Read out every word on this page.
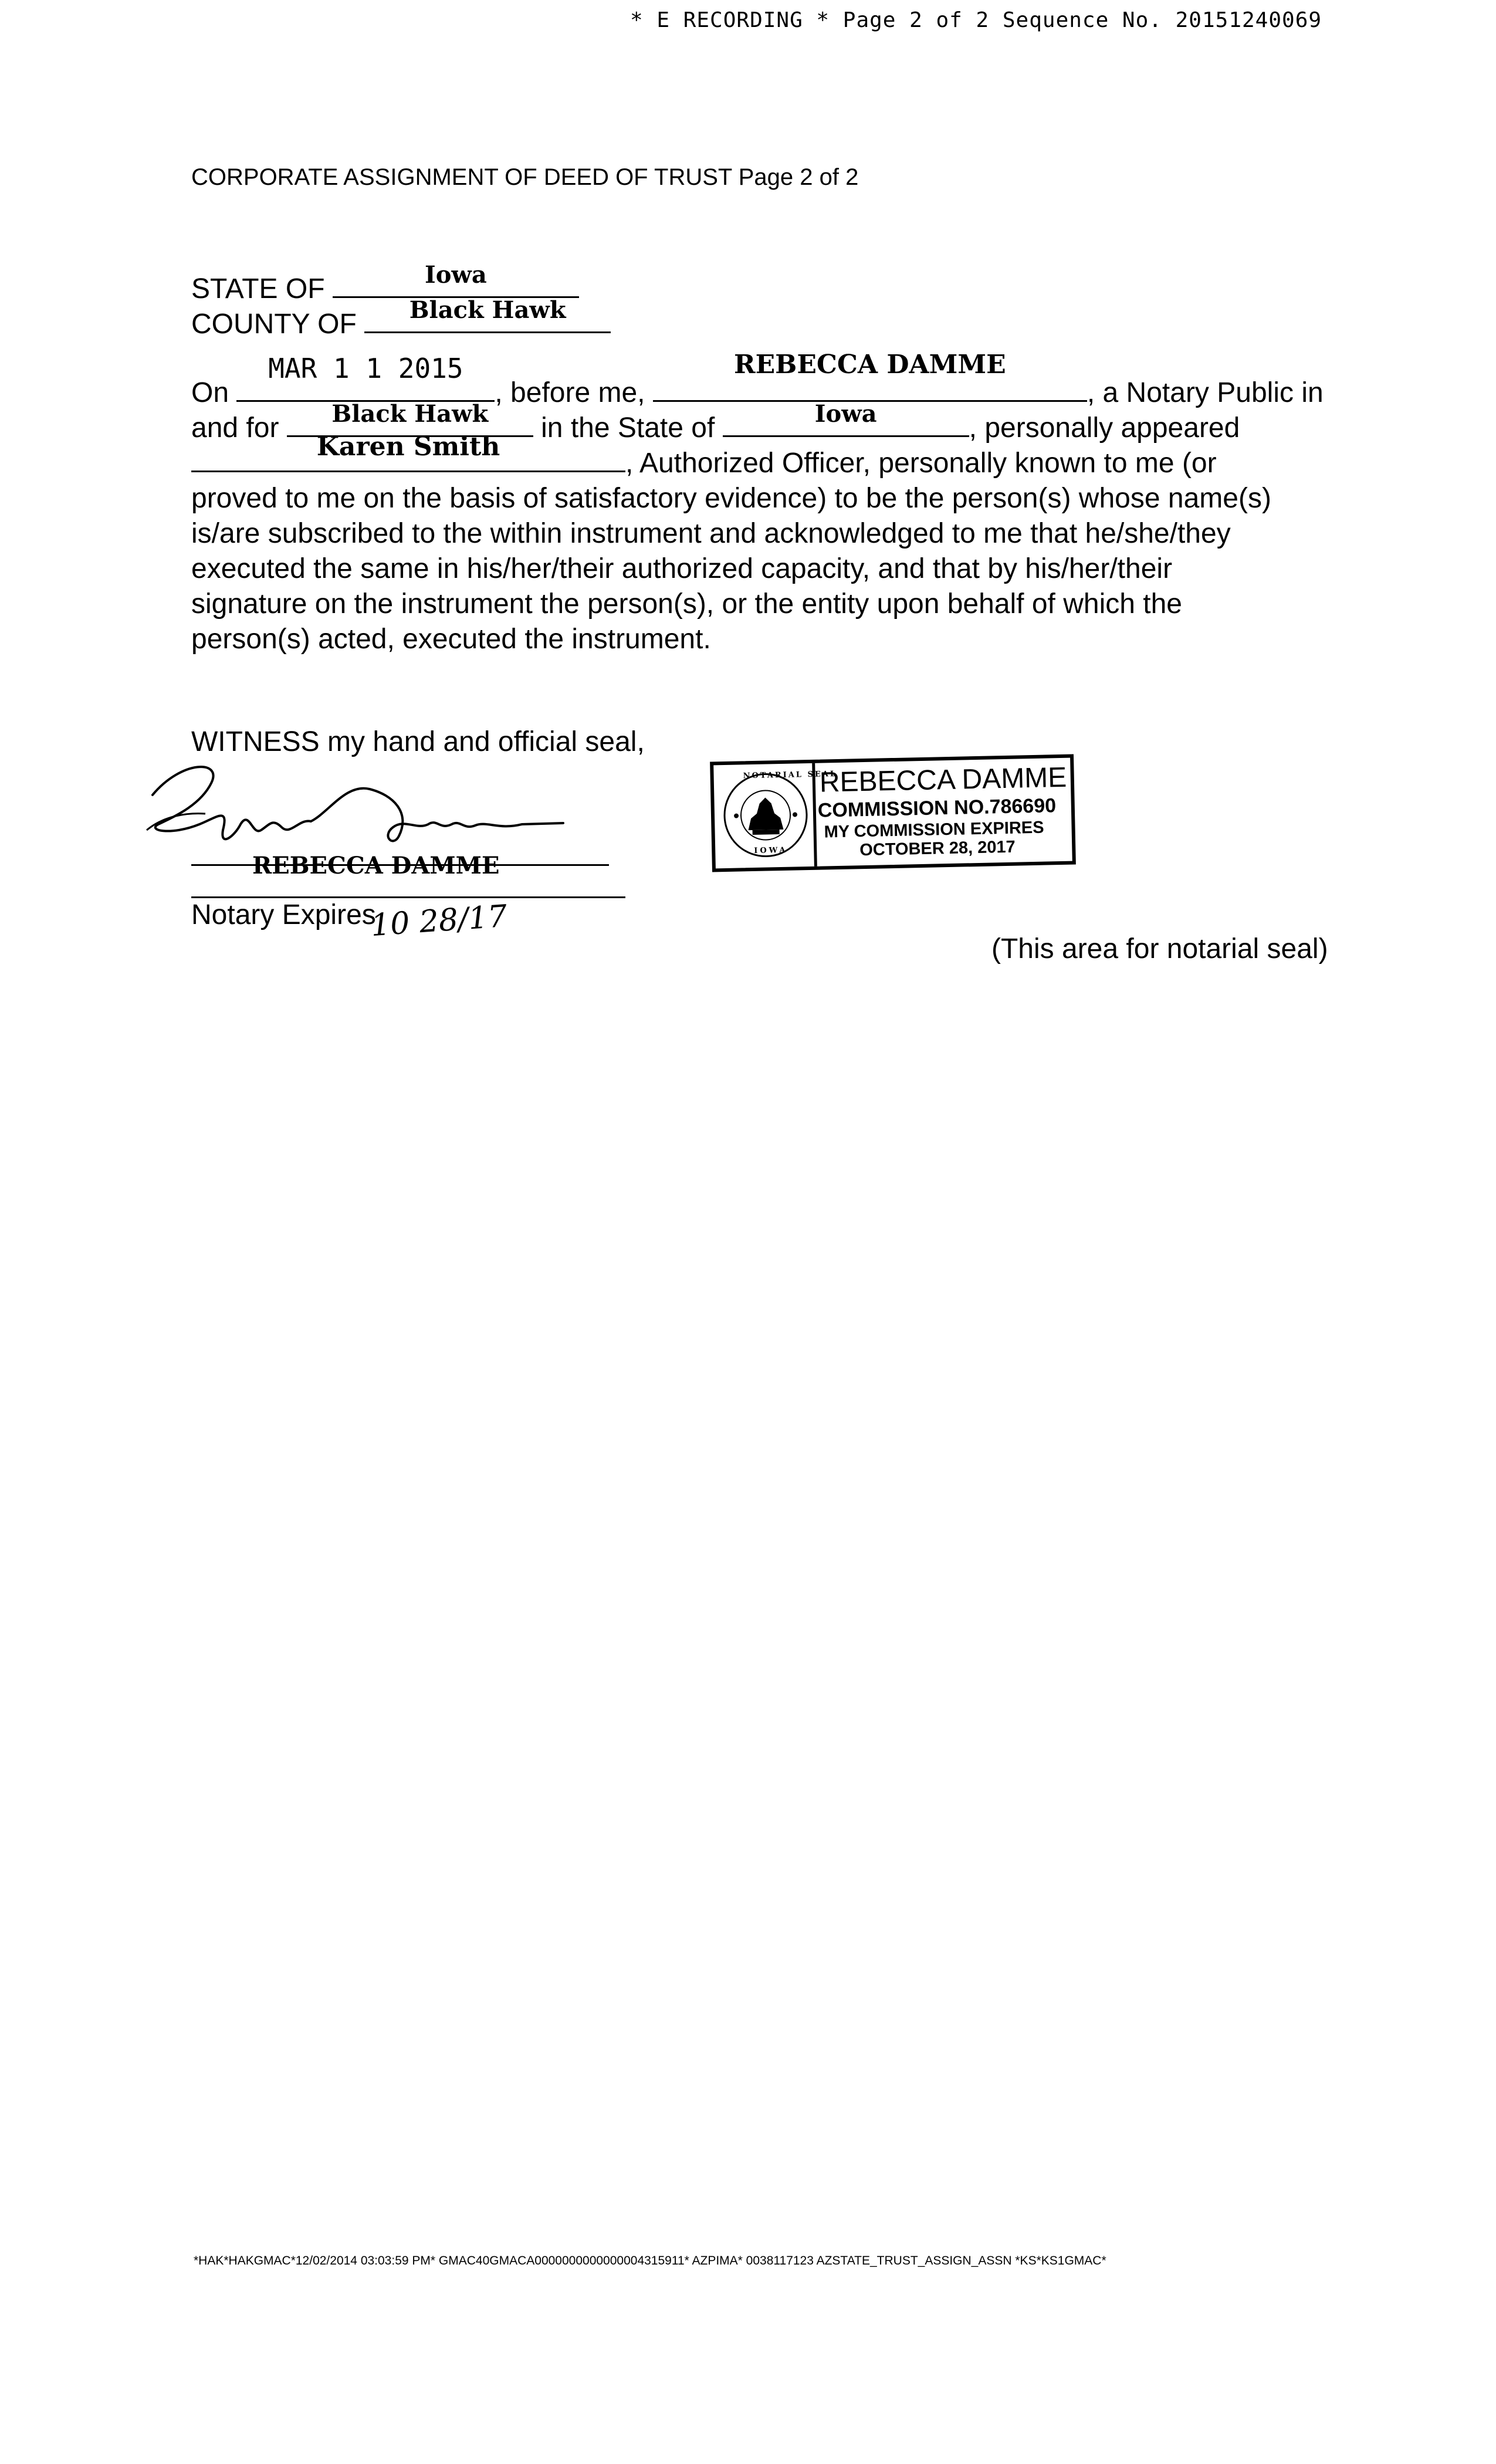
* E RECORDING * Page 2 of 2 Sequence No. 20151240069
CORPORATE ASSIGNMENT OF DEED OF TRUST Page 2 of 2
STATE OF	Iowa
COUNTY OF	Black Hawk
On
MAR 1 1 2015
, before me,
REBECCA DAMME
, a Notary Public in
and for	Black Hawk	in the State of	Iowa	, personally appeared
Karen Smith
, Authorized Officer, personally known to me (or
proved to me on the basis of satisfactory evidence) to be the person(s) whose name(s)
is/are subscribed to the within instrument and acknowledged to me that he/she/they
executed the same in his/her/their authorized capacity, and that by his/her/their
signature on the instrument the person(s), or the entity upon behalf of which the
person(s) acted, executed the instrument.
WITNESS my hand and official seal,
REBECCA DAMME
Notary Expires
10 28/17
(This area for notarial seal)
NOTARIAL SEAL
IOWA
REBECCA DAMME
COMMISSION NO.786690
MY COMMISSION EXPIRES
OCTOBER 28, 2017
*HAK*HAKGMAC*12/02/2014 03:03:59 PM* GMAC40GMACA0000000000000004315911* AZPIMA* 0038117123 AZSTATE_TRUST_ASSIGN_ASSN *KS*KS1GMAC*
